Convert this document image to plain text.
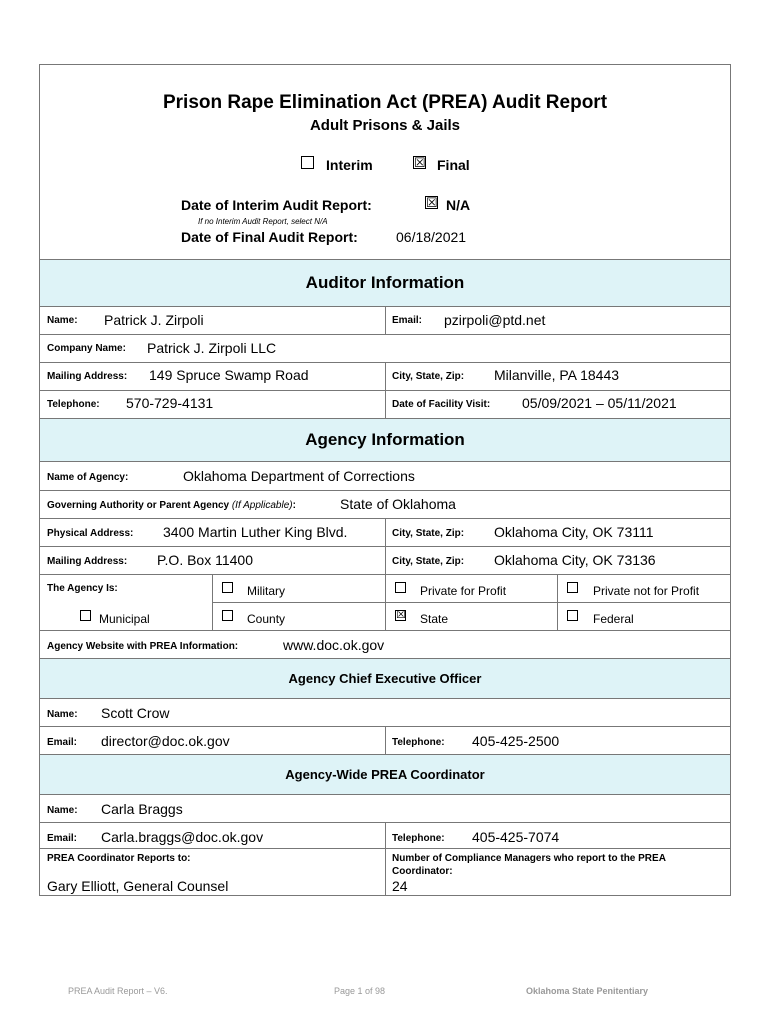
Prison Rape Elimination Act (PREA) Audit Report
Adult Prisons & Jails
Interim	☒ Final
Date of Interim Audit Report:	☒ N/A
If no Interim Audit Report, select N/A
Date of Final Audit Report:	06/18/2021
Auditor Information
Name: Patrick J. Zirpoli	Email: pzirpoli@ptd.net
Company Name: Patrick J. Zirpoli LLC
Mailing Address: 149 Spruce Swamp Road	City, State, Zip: Milanville, PA 18443
Telephone: 570-729-4131	Date of Facility Visit: 05/09/2021 – 05/11/2021
Agency Information
Name of Agency:	Oklahoma Department of Corrections
Governing Authority or Parent Agency (If Applicable):	State of Oklahoma
Physical Address: 3400 Martin Luther King Blvd.	City, State, Zip: Oklahoma City, OK 73111
Mailing Address: P.O. Box 11400	City, State, Zip: Oklahoma City, OK 73136
The Agency Is:	Military	Private for Profit	Private not for Profit
Municipal	County	☒ State	Federal
Agency Website with PREA Information:	www.doc.ok.gov
Agency Chief Executive Officer
Name: Scott Crow
Email: director@doc.ok.gov	Telephone: 405-425-2500
Agency-Wide PREA Coordinator
Name: Carla Braggs
Email: Carla.braggs@doc.ok.gov	Telephone: 405-425-7074
PREA Coordinator Reports to:
Gary Elliott, General Counsel
Number of Compliance Managers who report to the PREA Coordinator:
24
PREA Audit Report – V6.	Page 1 of 98	Oklahoma State Penitentiary
